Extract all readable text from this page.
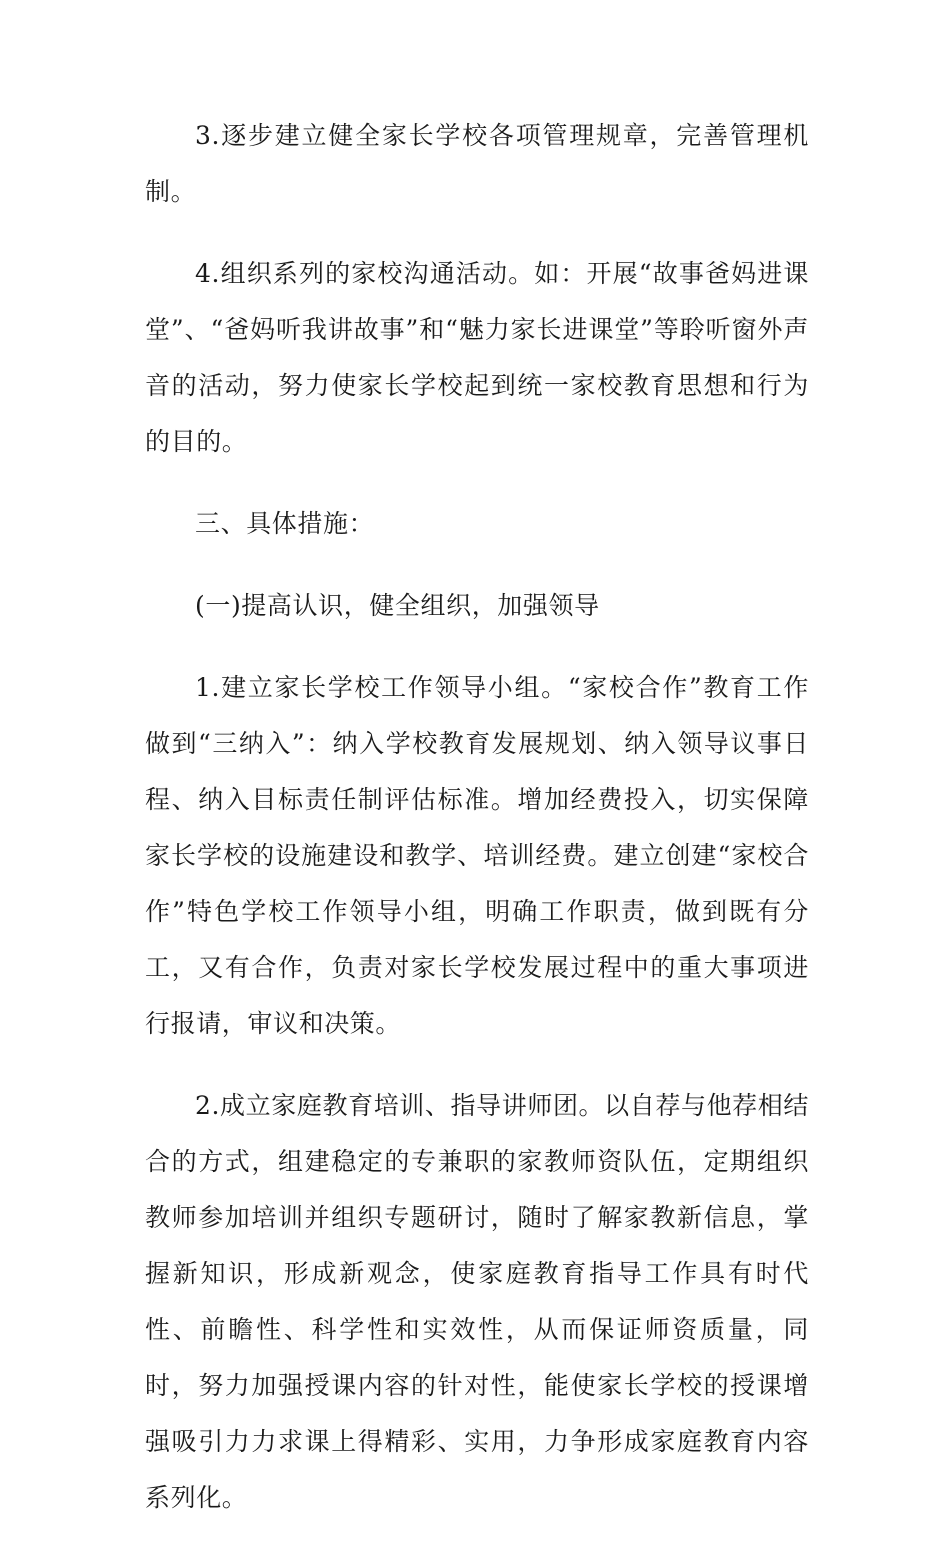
3.逐步建立健全家长学校各项管理规章，完善管理机制。

4.组织系列的家校沟通活动。如：开展“故事爸妈进课堂”、“爸妈听我讲故事”和“魅力家长进课堂”等聆听窗外声音的活动，努力使家长学校起到统一家校教育思想和行为的目的。

三、具体措施：

(一)提高认识，健全组织，加强领导

1.建立家长学校工作领导小组。“家校合作”教育工作做到“三纳入”：纳入学校教育发展规划、纳入领导议事日程、纳入目标责任制评估标准。增加经费投入，切实保障家长学校的设施建设和教学、培训经费。建立创建“家校合作”特色学校工作领导小组，明确工作职责，做到既有分工，又有合作，负责对家长学校发展过程中的重大事项进行报请，审议和决策。

2.成立家庭教育培训、指导讲师团。以自荐与他荐相结合的方式，组建稳定的专兼职的家教师资队伍，定期组织教师参加培训并组织专题研讨，随时了解家教新信息，掌握新知识，形成新观念，使家庭教育指导工作具有时代性、前瞻性、科学性和实效性，从而保证师资质量，同时，努力加强授课内容的针对性，能使家长学校的授课增强吸引力力求课上得精彩、实用，力争形成家庭教育内容系列化。
